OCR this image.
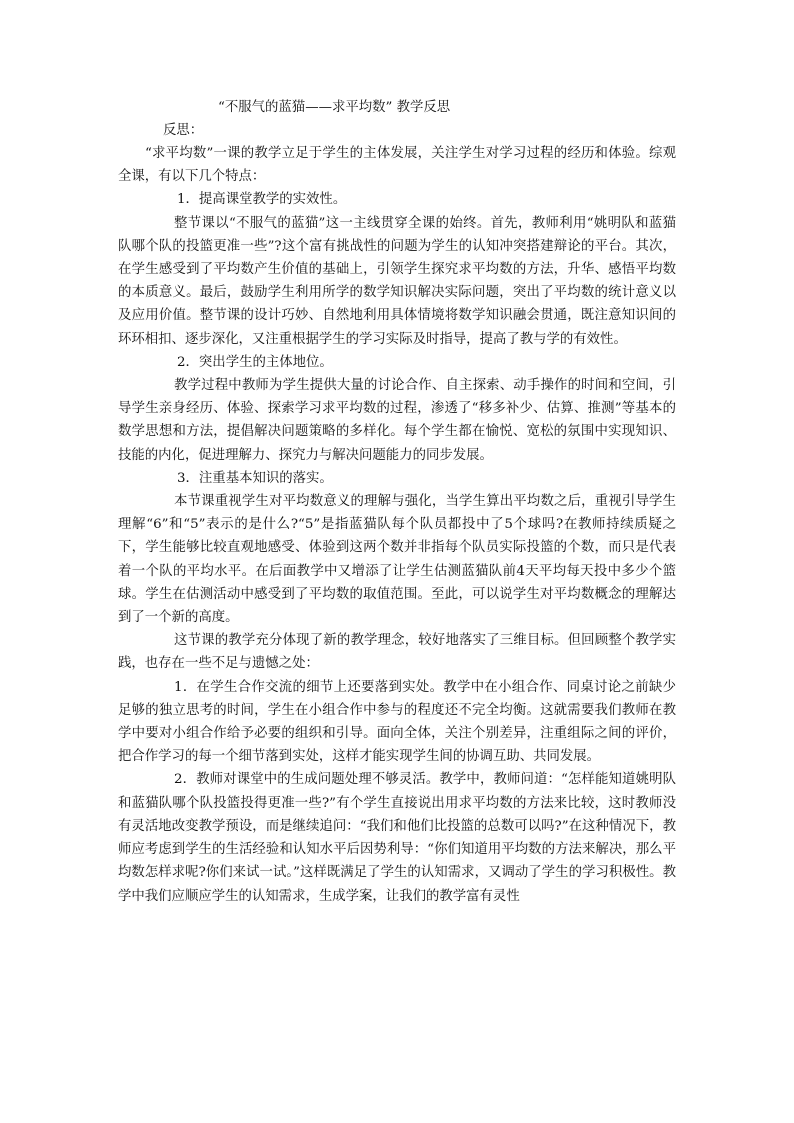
“不服气的蓝猫——求平均数” 教学反思

反思：

“求平均数”一课的教学立足于学生的主体发展，关注学生对学习过程的经历和体验。综观全课，有以下几个特点：

1．提高课堂教学的实效性。

整节课以“不服气的蓝猫”这一主线贯穿全课的始终。首先，教师利用“姚明队和蓝猫队哪个队的投篮更准一些”?这个富有挑战性的问题为学生的认知冲突搭建辩论的平台。其次，在学生感受到了平均数产生价值的基础上，引领学生探究求平均数的方法，升华、感悟平均数的本质意义。最后，鼓励学生利用所学的数学知识解决实际问题，突出了平均数的统计意义以及应用价值。整节课的设计巧妙、自然地利用具体情境将数学知识融会贯通，既注意知识间的环环相扣、逐步深化，又注重根据学生的学习实际及时指导，提高了教与学的有效性。

2．突出学生的主体地位。

教学过程中教师为学生提供大量的讨论合作、自主探索、动手操作的时间和空间，引导学生亲身经历、体验、探索学习求平均数的过程，渗透了“移多补少、估算、推测”等基本的数学思想和方法，提倡解决问题策略的多样化。每个学生都在愉悦、宽松的氛围中实现知识、技能的内化，促进理解力、探究力与解决问题能力的同步发展。

3．注重基本知识的落实。

本节课重视学生对平均数意义的理解与强化，当学生算出平均数之后，重视引导学生理解“6”和“5”表示的是什么?“5”是指蓝猫队每个队员都投中了5个球吗?在教师持续质疑之下，学生能够比较直观地感受、体验到这两个数并非指每个队员实际投篮的个数，而只是代表着一个队的平均水平。在后面教学中又增添了让学生估测蓝猫队前4天平均每天投中多少个篮球。学生在估测活动中感受到了平均数的取值范围。至此，可以说学生对平均数概念的理解达到了一个新的高度。

这节课的教学充分体现了新的教学理念，较好地落实了三维目标。但回顾整个教学实践，也存在一些不足与遗憾之处：

1．在学生合作交流的细节上还要落到实处。教学中在小组合作、同桌讨论之前缺少足够的独立思考的时间，学生在小组合作中参与的程度还不完全均衡。这就需要我们教师在教学中要对小组合作给予必要的组织和引导。面向全体，关注个别差异，注重组际之间的评价，把合作学习的每一个细节落到实处，这样才能实现学生间的协调互助、共同发展。

2．教师对课堂中的生成问题处理不够灵活。教学中，教师问道：“怎样能知道姚明队和蓝猫队哪个队投篮投得更准一些?”有个学生直接说出用求平均数的方法来比较，这时教师没有灵活地改变教学预设，而是继续追问：“我们和他们比投篮的总数可以吗?”在这种情况下，教师应考虑到学生的生活经验和认知水平后因势利导：“你们知道用平均数的方法来解决，那么平均数怎样求呢?你们来试一试。”这样既满足了学生的认知需求，又调动了学生的学习积极性。教学中我们应顺应学生的认知需求，生成学案，让我们的教学富有灵性
